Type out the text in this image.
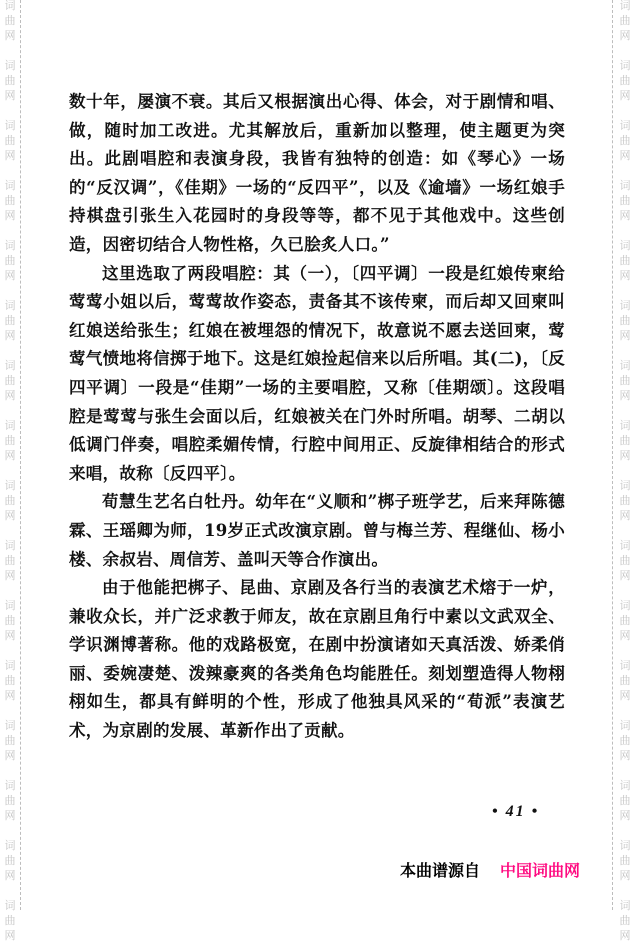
词
曲
网
词
曲
网
词
曲
网
词
曲
网
词
曲
网
词
曲
网
词
曲
网
词
曲
网
词
曲
网
词
曲
网
词
曲
网
词
曲
网
词
曲
网
词
曲
网
词
曲
网
词
曲
网
词
曲
网
词
曲
网
词
曲
网
词
曲
网
词
曲
网
词
曲
网
词
曲
网
词
曲
网
词
曲
网
词
曲
网
词
曲
网
词
曲
网
词
曲
网
词
曲
网
词
曲
网
词
曲
网

数十年，屡演不衰。其后又根据演出心得、体会，对于剧情和唱、做，随时加工改进。尤其解放后，重新加以整理，使主题更为突出。此剧唱腔和表演身段，我皆有独特的创造：如《琴心》一场的“反汉调”，《佳期》一场的“反四平”，以及《逾墙》一场红娘手持棋盘引张生入花园时的身段等等，都不见于其他戏中。这些创造，因密切结合人物性格，久已脍炙人口。”

这里选取了两段唱腔：其（一），〔四平调〕一段是红娘传柬给莺莺小姐以后，莺莺故作姿态，责备其不该传柬，而后却又回柬叫红娘送给张生；红娘在被埋怨的情况下，故意说不愿去送回柬，莺莺气愤地将信掷于地下。这是红娘捡起信来以后所唱。其(二)，〔反四平调〕一段是“佳期”一场的主要唱腔，又称〔佳期颂〕。这段唱腔是莺莺与张生会面以后，红娘被关在门外时所唱。胡琴、二胡以低调门伴奏，唱腔柔媚传情，行腔中间用正、反旋律相结合的形式来唱，故称〔反四平〕。

荀慧生艺名白牡丹。幼年在“义顺和”梆子班学艺，后来拜陈德霖、王瑶卿为师，19岁正式改演京剧。曾与梅兰芳、程继仙、杨小楼、余叔岩、周信芳、盖叫天等合作演出。

由于他能把梆子、昆曲、京剧及各行当的表演艺术熔于一炉，兼收众长，并广泛求教于师友，故在京剧旦角行中素以文武双全、学识渊博著称。他的戏路极宽，在剧中扮演诸如天真活泼、娇柔俏丽、委婉凄楚、泼辣豪爽的各类角色均能胜任。刻划塑造得人物栩栩如生，都具有鲜明的个性，形成了他独具风采的“荀派”表演艺术，为京剧的发展、革新作出了贡献。

• 41 •
本曲谱源自 中国词曲网
